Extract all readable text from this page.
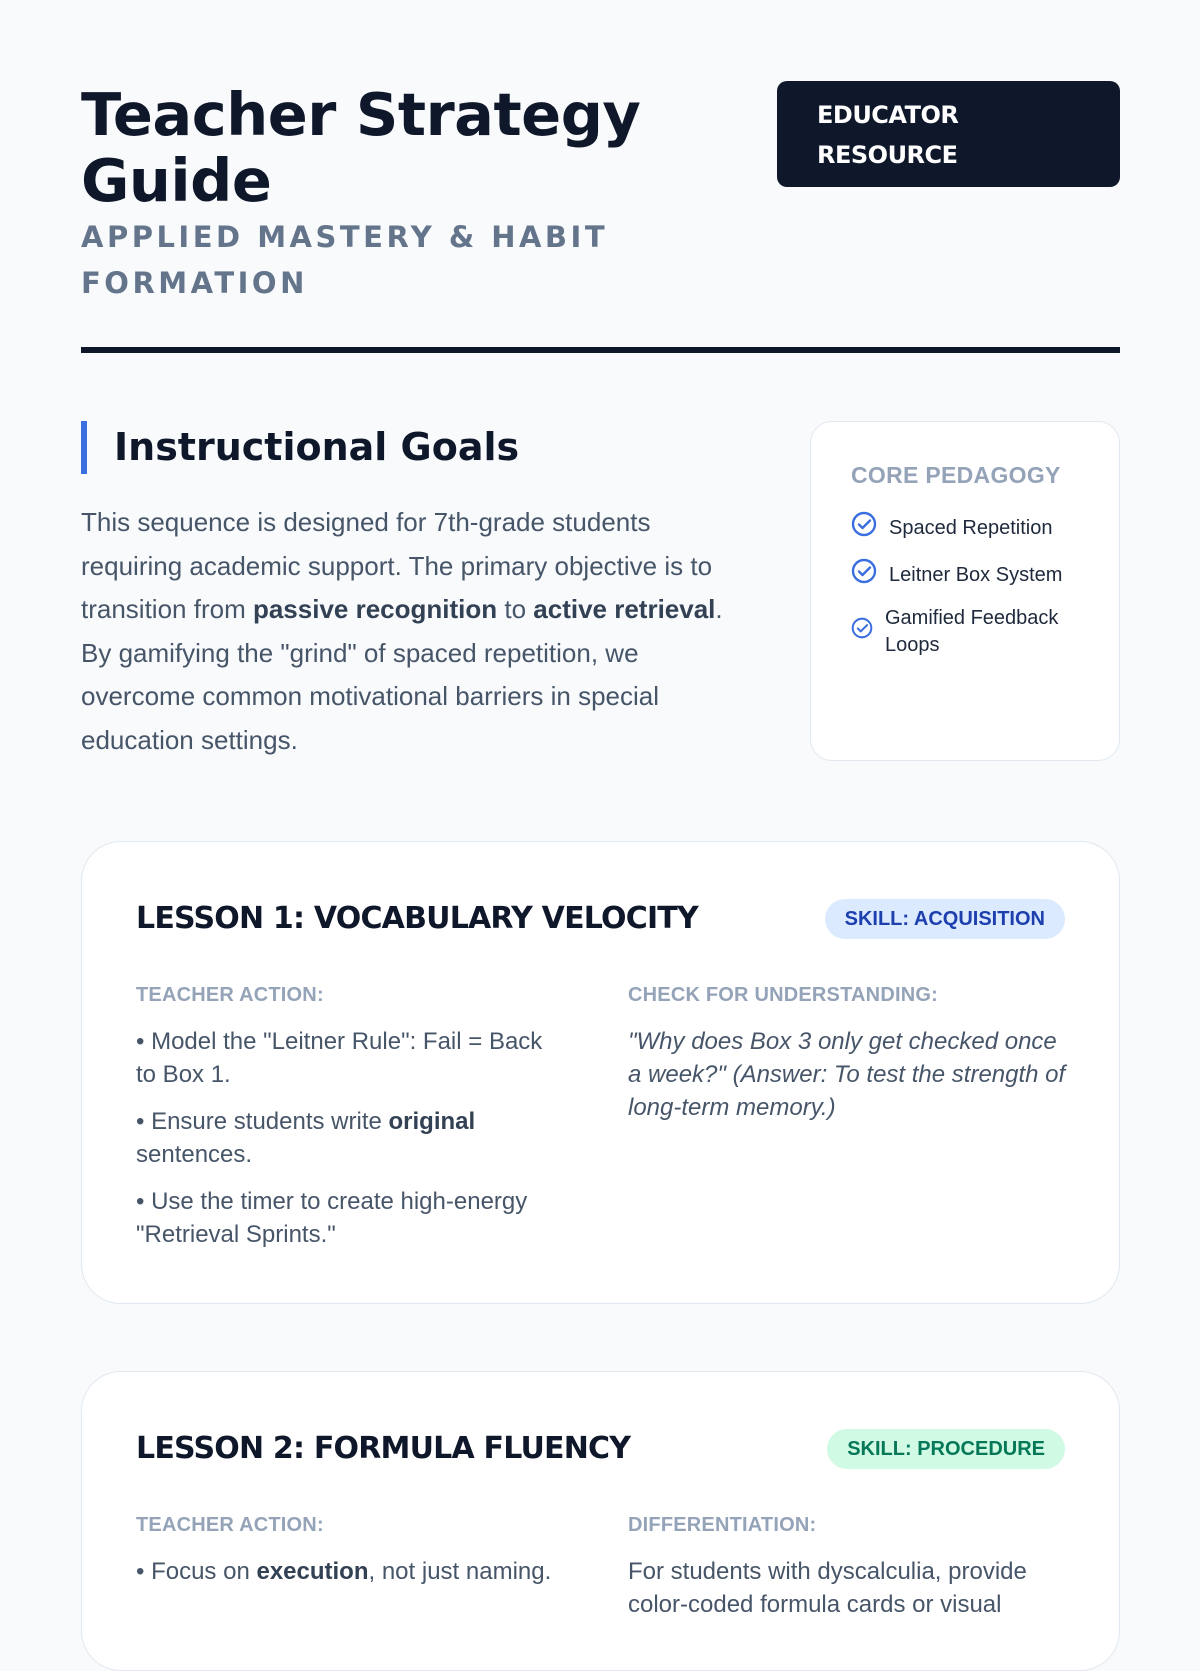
Teacher Strategy Guide
APPLIED MASTERY & HABIT FORMATION
EDUCATOR RESOURCE
Instructional Goals

This sequence is designed for 7th-grade students requiring academic support. The primary objective is to transition from passive recognition to active retrieval. By gamifying the "grind" of spaced repetition, we overcome common motivational barriers in special education settings.

CORE PEDAGOGY
Spaced Repetition
Leitner Box System
Gamified Feedback Loops
LESSON 1: VOCABULARY VELOCITY	SKILL: ACQUISITION
TEACHER ACTION:

• Model the "Leitner Rule": Fail = Back to Box 1.

• Ensure students write original sentences.

• Use the timer to create high-energy "Retrieval Sprints."

CHECK FOR UNDERSTANDING:
"Why does Box 3 only get checked once a week?" (Answer: To test the strength of long-term memory.)
LESSON 2: FORMULA FLUENCY	SKILL: PROCEDURE
TEACHER ACTION:

• Focus on execution, not just naming.

DIFFERENTIATION:
For students with dyscalculia, provide color-coded formula cards or visual
